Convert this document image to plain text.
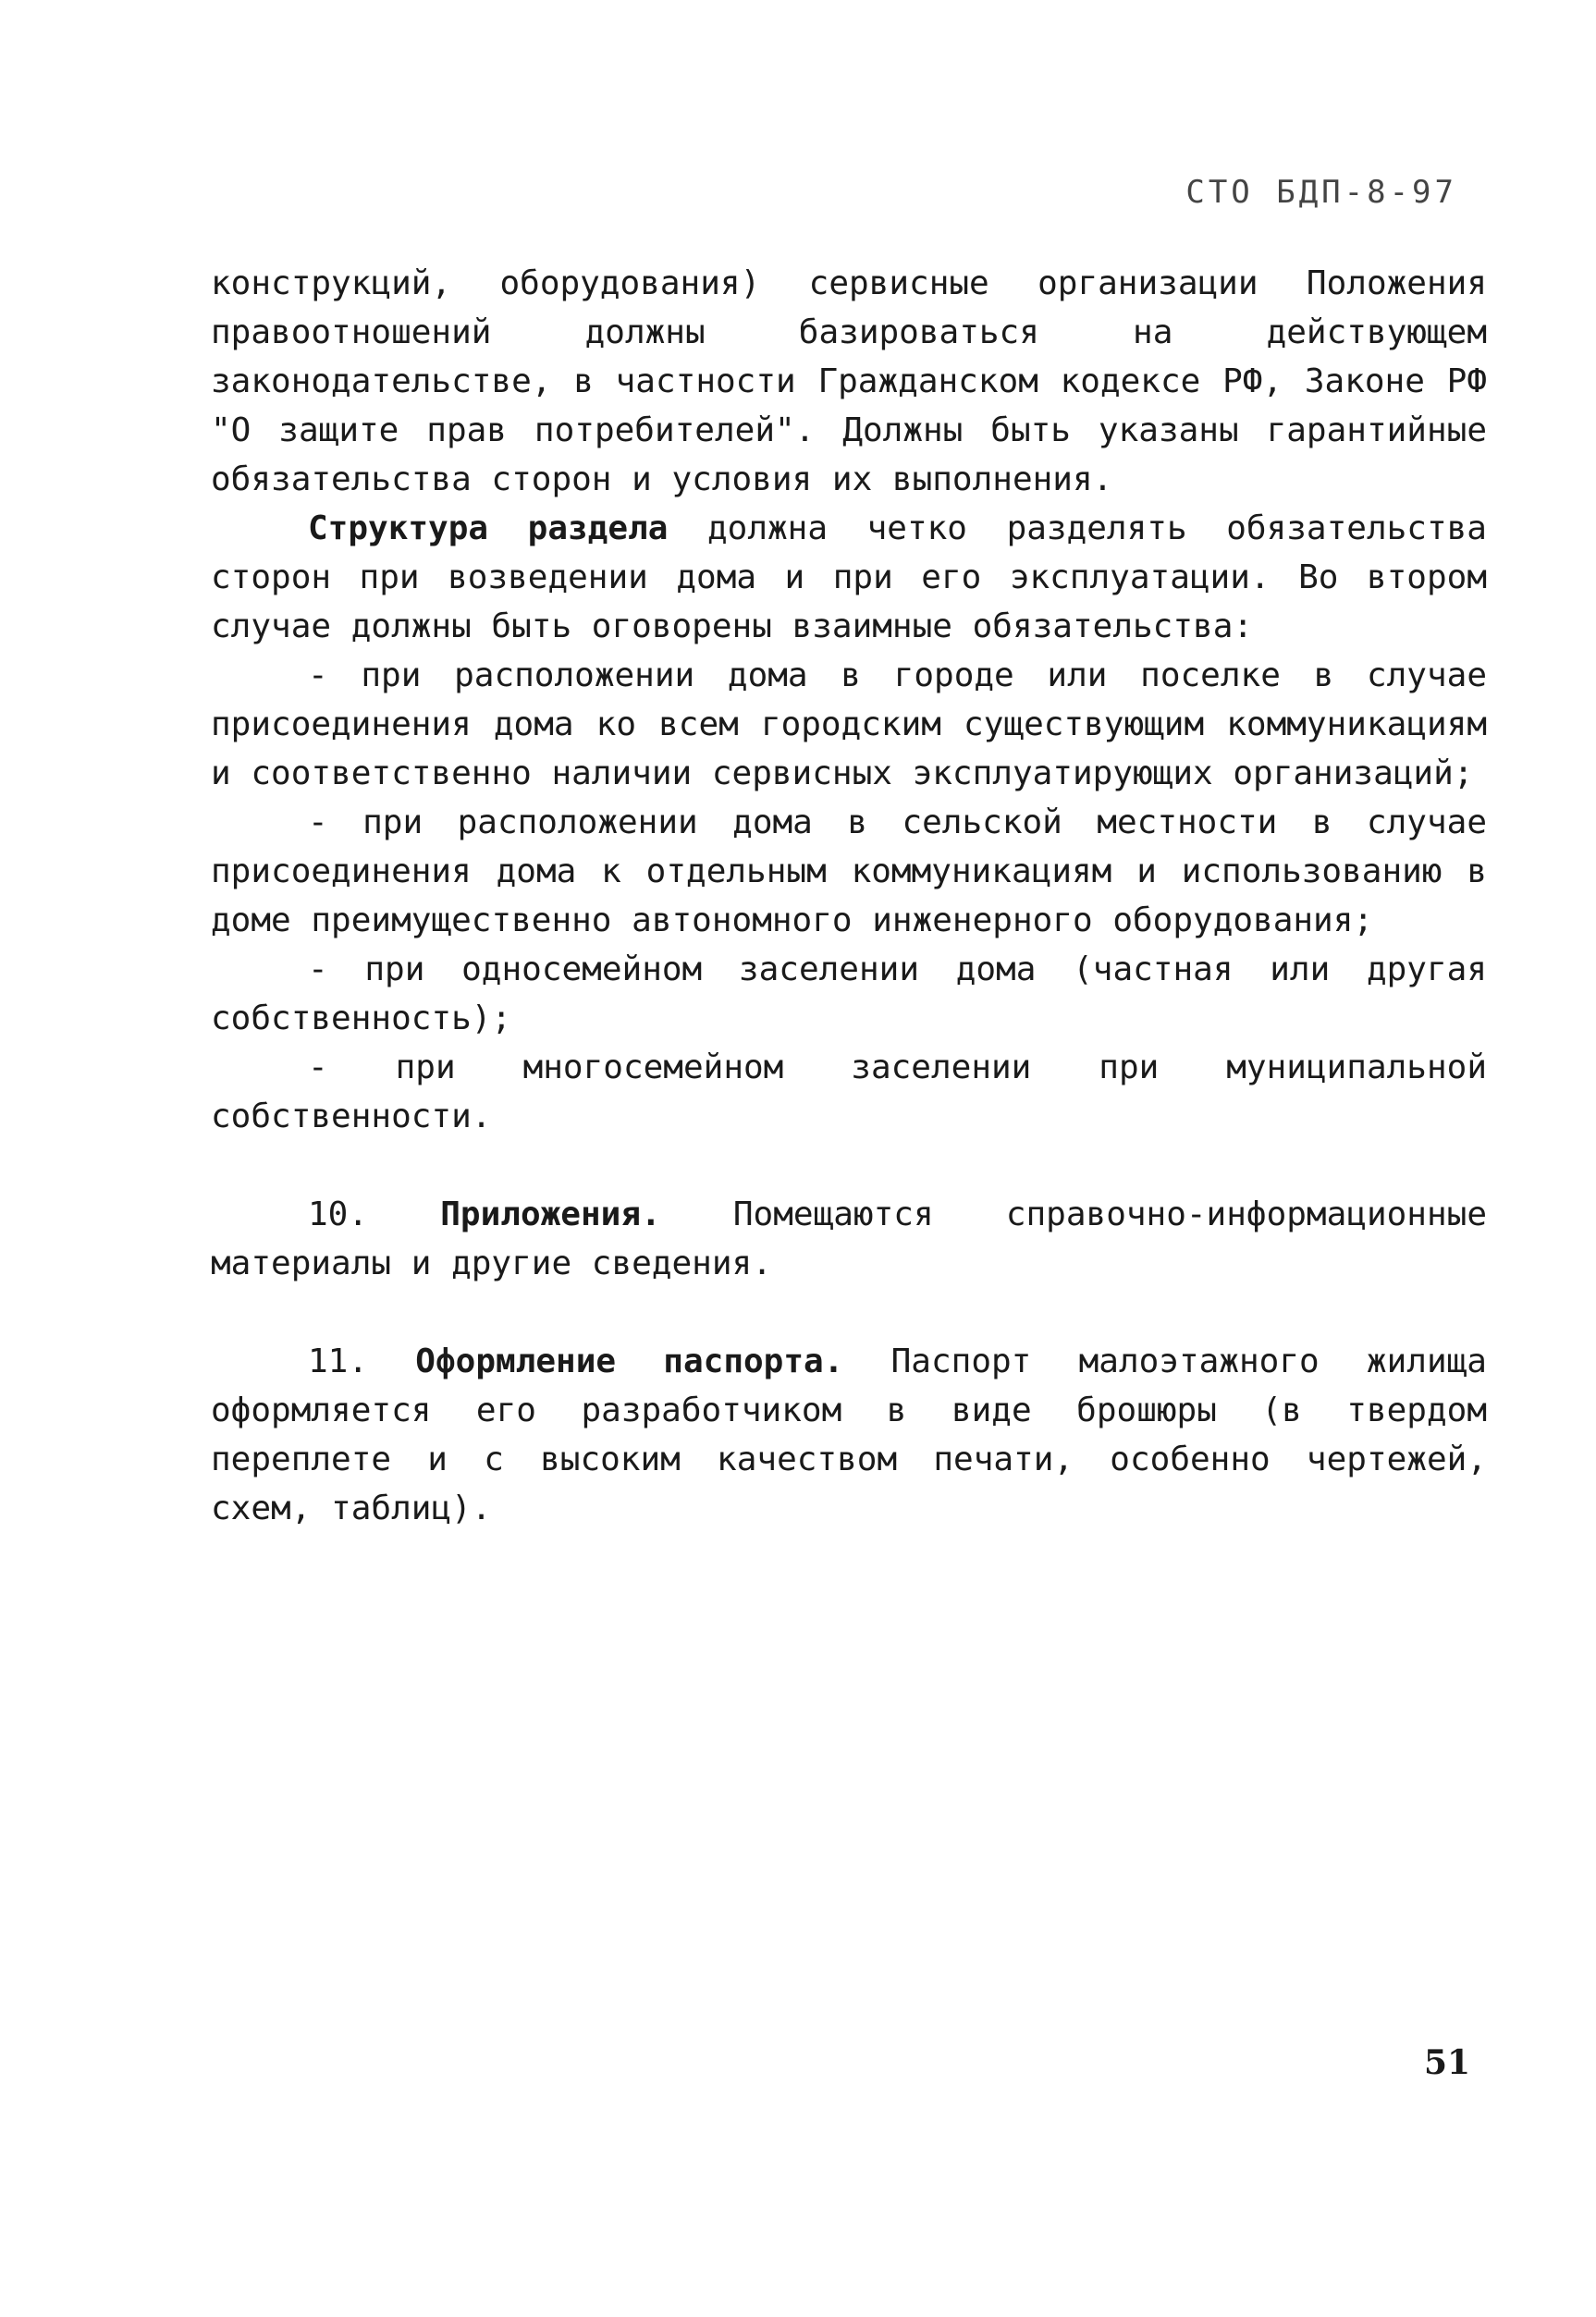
СТО БДП-8-97

конструкций, оборудования) сервисные организации Положения правоотношений должны базироваться на действующем законодательстве, в частности Гражданском кодексе РФ, Законе РФ "О защите прав потребителей". Должны быть указаны гарантийные обязательства сторон и условия их выполнения.

Структура раздела должна четко разделять обязательства сторон при возведении дома и при его эксплуатации. Во втором случае должны быть оговорены взаимные обязательства:

- при расположении дома в городе или поселке в случае присоединения дома ко всем городским существующим коммуникациям и соответственно наличии сервисных эксплуатирующих организаций;

- при расположении дома в сельской местности в случае присоединения дома к отдельным коммуникациям и использованию в доме преимущественно автономного инженерного оборудования;

- при односемейном заселении дома (частная или другая собственность);

- при многосемейном заселении при муниципальной собственности.

10. Приложения. Помещаются справочно-информационные материалы и другие сведения.

11. Оформление паспорта. Паспорт малоэтажного жилища оформляется его разработчиком в виде брошюры (в твердом переплете и с высоким качеством печати, особенно чертежей, схем, таблиц).

51
